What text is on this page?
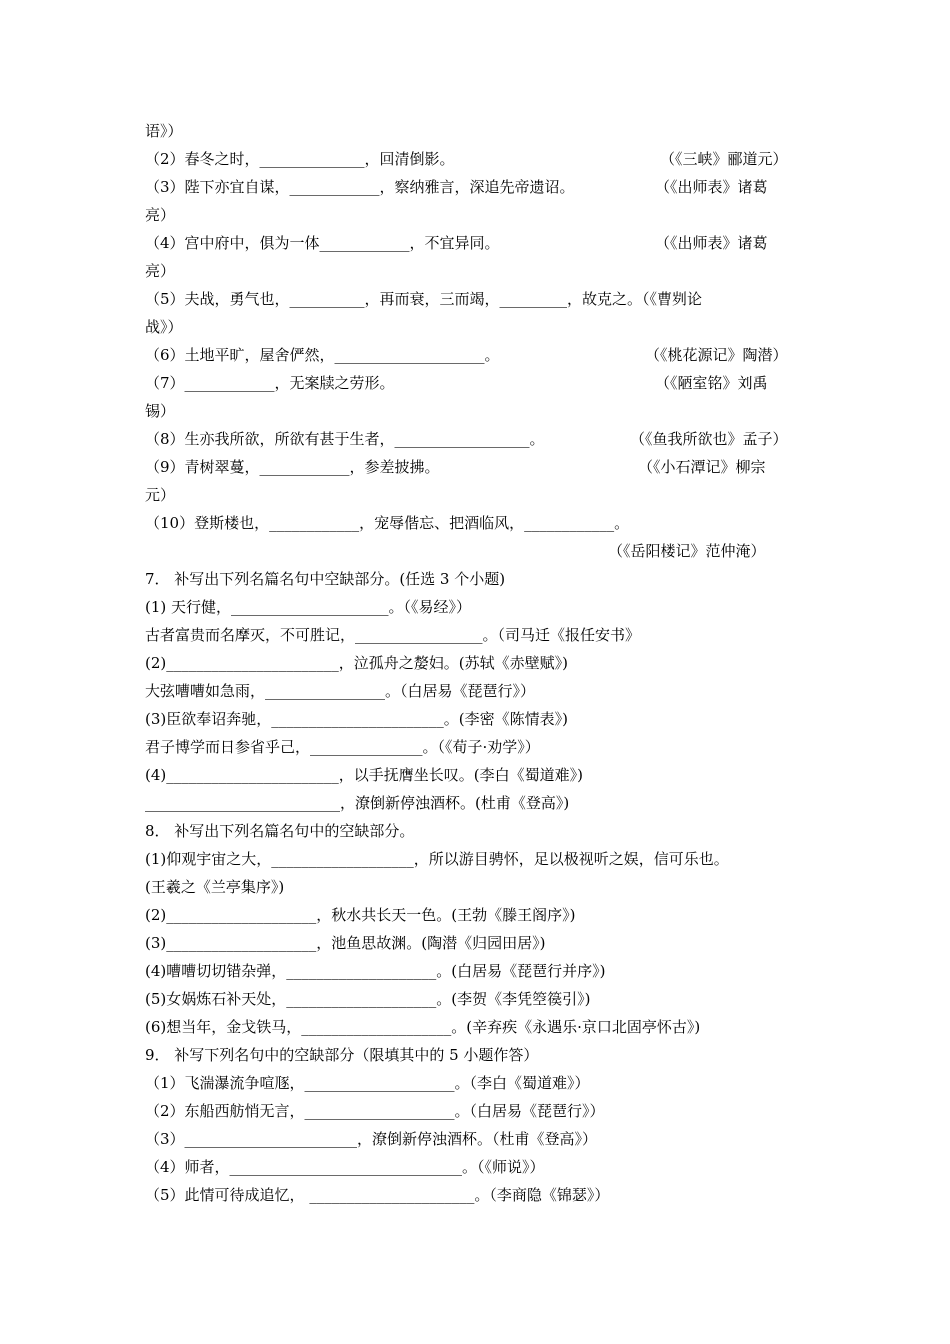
语》）
（2）春冬之时，______________，回清倒影。	（《三峡》郦道元）
（3）陛下亦宜自谋，____________，察纳雅言，深追先帝遗诏。	（《出师表》诸葛
亮）
（4）宫中府中，俱为一体____________，不宜异同。	（《出师表》诸葛
亮）
（5）夫战，勇气也，__________，再而衰，三而竭，_________，故克之。（《曹刿论
战》）
（6）土地平旷，屋舍俨然，____________________。	（《桃花源记》陶潜）
（7）____________，无案牍之劳形。	（《陋室铭》刘禹
锡）
（8）生亦我所欲，所欲有甚于生者，__________________。	（《鱼我所欲也》孟子）
（9）青树翠蔓，____________，参差披拂。	（《小石潭记》柳宗
元）
（10）登斯楼也，____________，宠辱偕忘、把酒临风，____________。
（《岳阳楼记》范仲淹）
7． 补写出下列名篇名句中空缺部分。(任选 3 个小题)
(1) 天行健，_____________________。（《易经》）
古者富贵而名摩灭，不可胜记，_________________。（司马迁《报任安书》
(2)_______________________，泣孤舟之嫠妇。(苏轼《赤壁赋》)
大弦嘈嘈如急雨，________________。（白居易《琵琶行》）
(3)臣欲奉诏奔驰，_______________________。(李密《陈情表》)
君子博学而日参省乎己，_______________。（《荀子·劝学》）
(4)_______________________，以手抚膺坐长叹。(李白《蜀道难》)
__________________________，潦倒新停浊酒杯。(杜甫《登高》)
8． 补写出下列名篇名句中的空缺部分。
(1)仰观宇宙之大，___________________，所以游目骋怀，足以极视听之娱，信可乐也。
(王羲之《兰亭集序》)
(2)____________________，秋水共长天一色。(王勃《滕王阁序》)
(3)____________________，池鱼思故渊。(陶潜《归园田居》)
(4)嘈嘈切切错杂弹，____________________。(白居易《琵琶行并序》)
(5)女娲炼石补天处，____________________。(李贺《李凭箜篌引》)
(6)想当年，金戈铁马，____________________。(辛弃疾《永遇乐·京口北固亭怀古》)
9． 补写下列名句中的空缺部分（限填其中的 5 小题作答）
（1）飞湍瀑流争喧豗，____________________。（李白《蜀道难》）
（2）东船西舫悄无言，____________________。（白居易《琵琶行》）
（3）_______________________，潦倒新停浊酒杯。（杜甫《登高》）
（4）师者，_______________________________。（《师说》）
（5）此情可待成追忆， ______________________。（李商隐《锦瑟》）
